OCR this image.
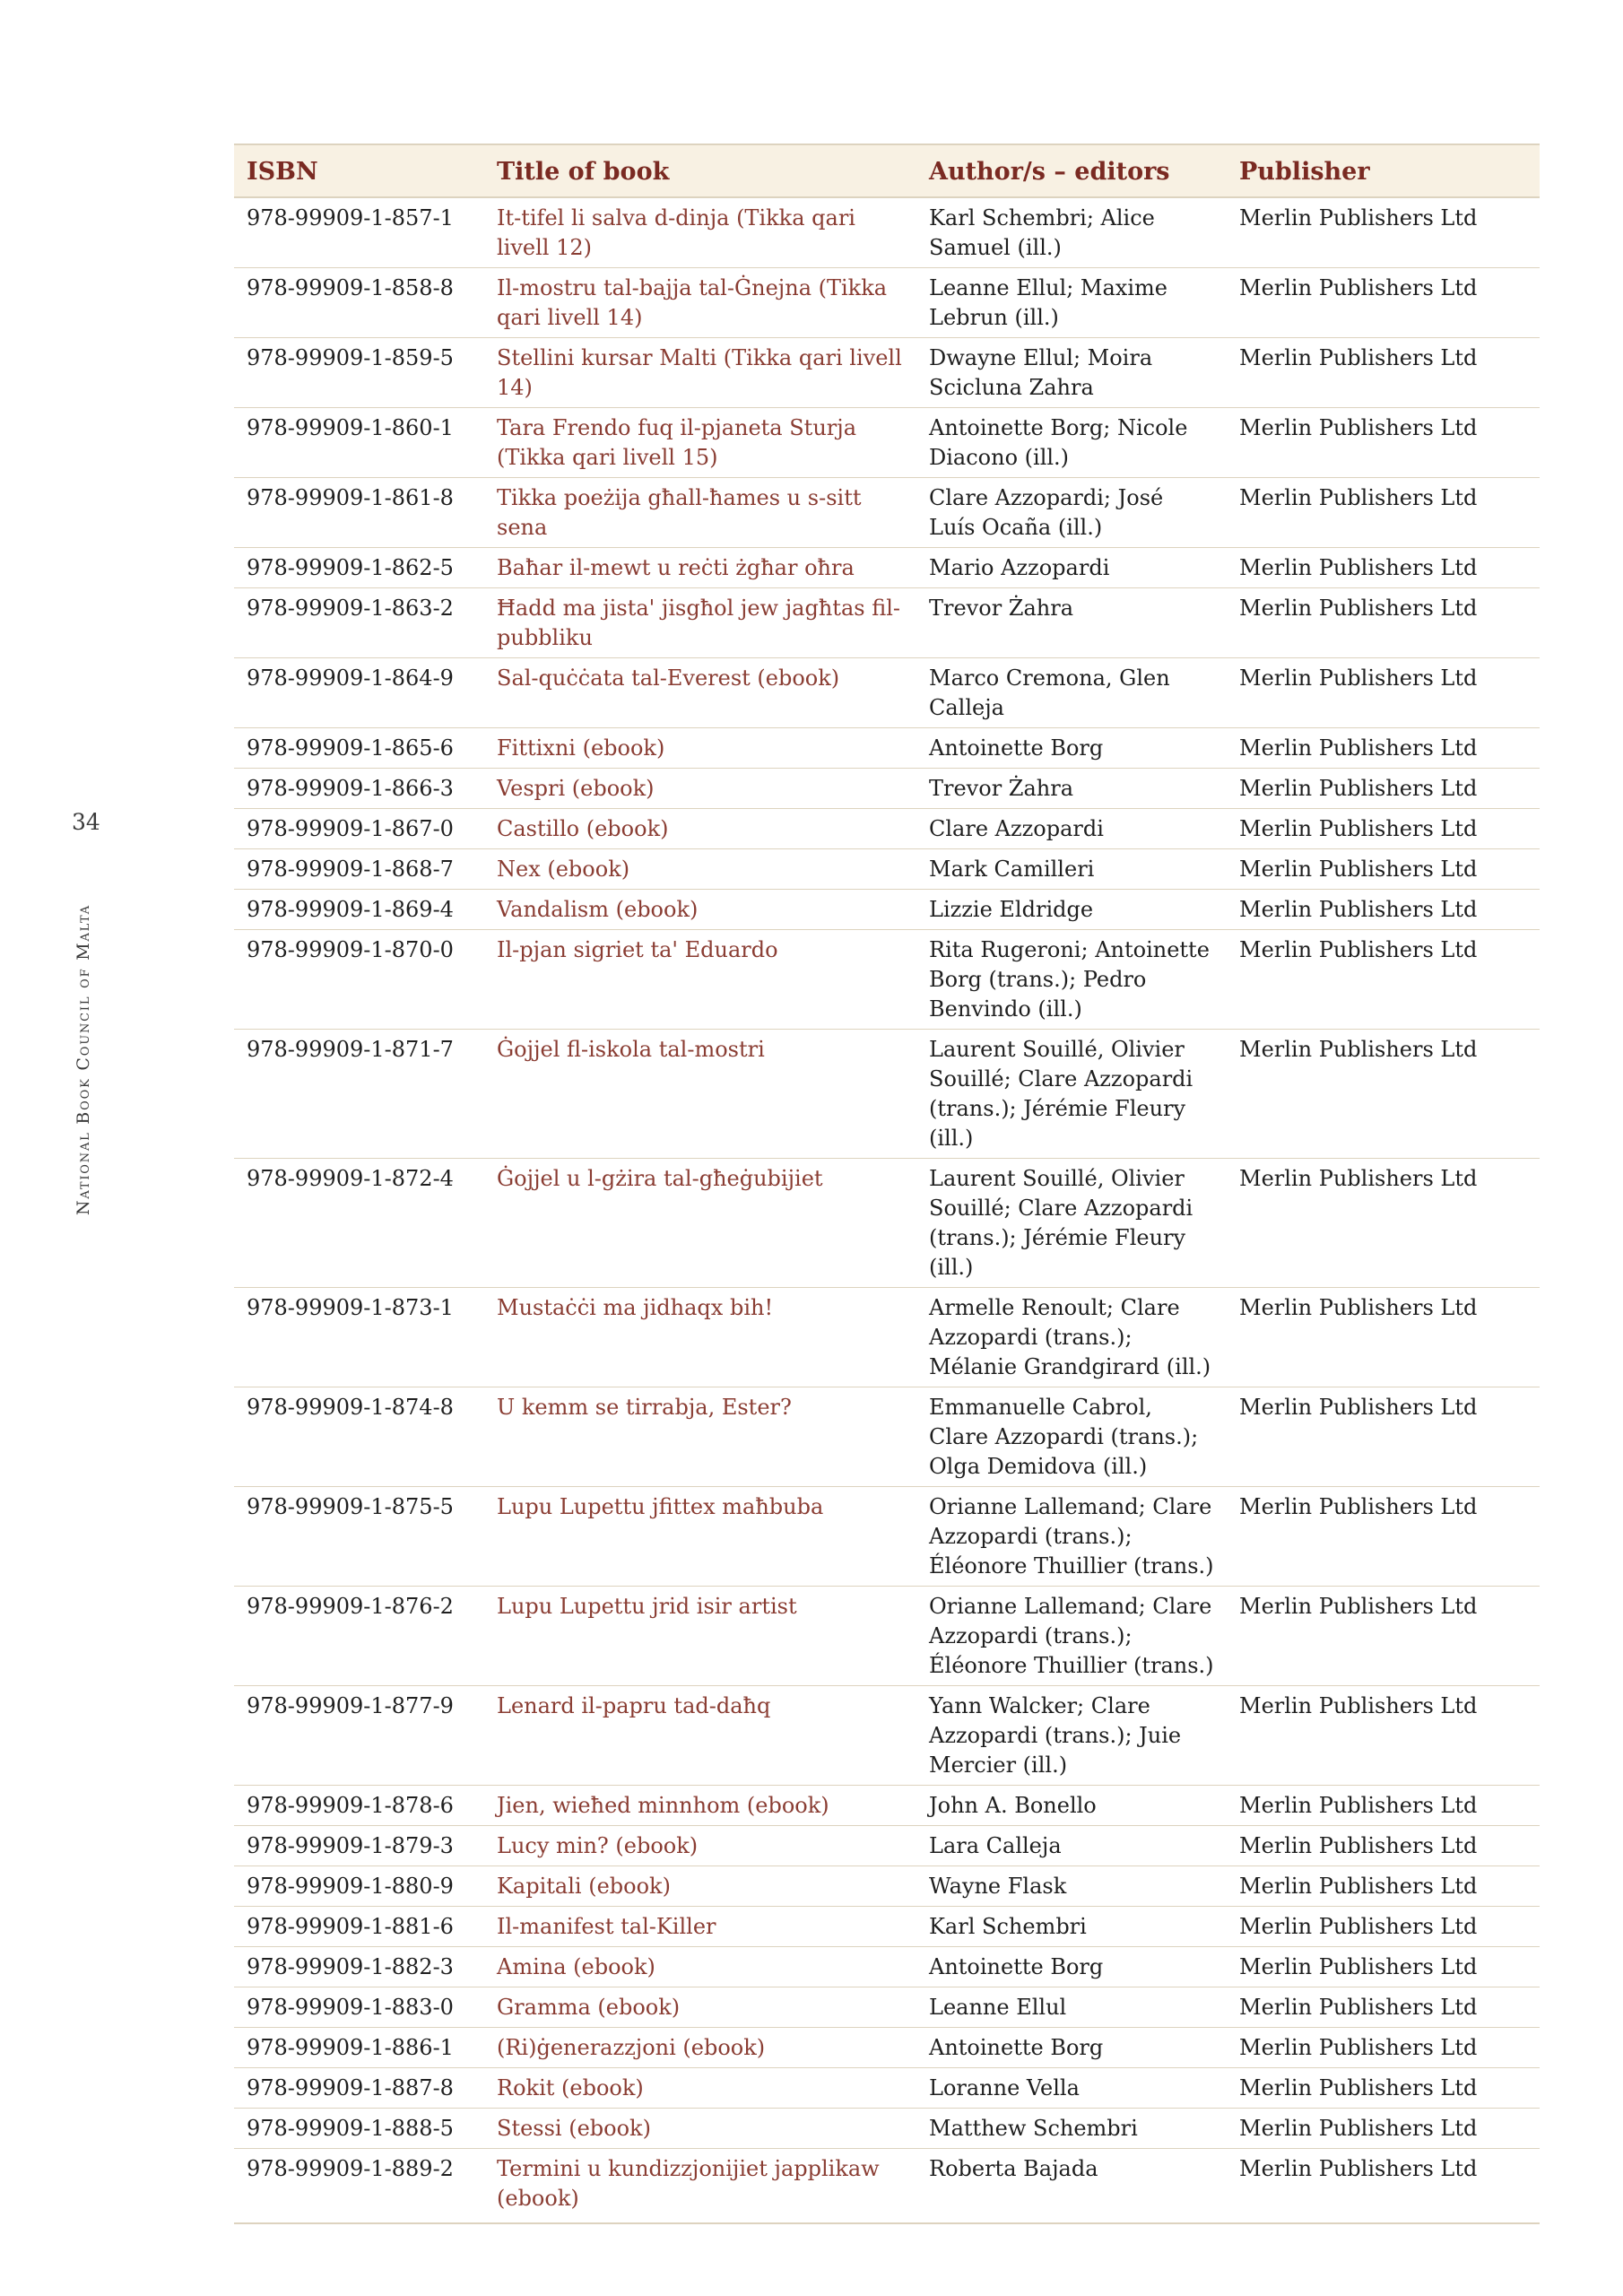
34
National Book Council of Malta
ISBN	Title of book	Author/s – editors	Publisher
978-99909-1-857-1	It-tifel li salva d-dinja (Tikka qari livell 12)	Karl Schembri; Alice Samuel (ill.)	Merlin Publishers Ltd
978-99909-1-858-8	Il-mostru tal-bajja tal-Ġnejna (Tikka qari livell 14)	Leanne Ellul; Maxime Lebrun (ill.)	Merlin Publishers Ltd
978-99909-1-859-5	Stellini kursar Malti (Tikka qari livell 14)	Dwayne Ellul; Moira Scicluna Zahra	Merlin Publishers Ltd
978-99909-1-860-1	Tara Frendo fuq il-pjaneta Sturja (Tikka qari livell 15)	Antoinette Borg; Nicole Diacono (ill.)	Merlin Publishers Ltd
978-99909-1-861-8	Tikka poeżija għall-ħames u s-sitt sena	Clare Azzopardi; José Luís Ocaña (ill.)	Merlin Publishers Ltd
978-99909-1-862-5	Baħar il-mewt u reċti żgħar oħra	Mario Azzopardi	Merlin Publishers Ltd
978-99909-1-863-2	Ħadd ma jista' jisgħol jew jagħtas fil-pubbliku	Trevor Żahra	Merlin Publishers Ltd
978-99909-1-864-9	Sal-quċċata tal-Everest (ebook)	Marco Cremona, Glen Calleja	Merlin Publishers Ltd
978-99909-1-865-6	Fittixni (ebook)	Antoinette Borg	Merlin Publishers Ltd
978-99909-1-866-3	Vespri (ebook)	Trevor Żahra	Merlin Publishers Ltd
978-99909-1-867-0	Castillo (ebook)	Clare Azzopardi	Merlin Publishers Ltd
978-99909-1-868-7	Nex (ebook)	Mark Camilleri	Merlin Publishers Ltd
978-99909-1-869-4	Vandalism (ebook)	Lizzie Eldridge	Merlin Publishers Ltd
978-99909-1-870-0	Il-pjan sigriet ta' Eduardo	Rita Rugeroni; Antoinette Borg (trans.); Pedro Benvindo (ill.)	Merlin Publishers Ltd
978-99909-1-871-7	Ġojjel fl-iskola tal-mostri	Laurent Souillé, Olivier Souillé; Clare Azzopardi (trans.); Jérémie Fleury (ill.)	Merlin Publishers Ltd
978-99909-1-872-4	Ġojjel u l-gżira tal-għeġubijiet	Laurent Souillé, Olivier Souillé; Clare Azzopardi (trans.); Jérémie Fleury (ill.)	Merlin Publishers Ltd
978-99909-1-873-1	Mustaċċi ma jidhaqx bih!	Armelle Renoult; Clare Azzopardi (trans.); Mélanie Grandgirard (ill.)	Merlin Publishers Ltd
978-99909-1-874-8	U kemm se tirrabja, Ester?	Emmanuelle Cabrol, Clare Azzopardi (trans.); Olga Demidova (ill.)	Merlin Publishers Ltd
978-99909-1-875-5	Lupu Lupettu jfittex maħbuba	Orianne Lallemand; Clare Azzopardi (trans.); Éléonore Thuillier (trans.)	Merlin Publishers Ltd
978-99909-1-876-2	Lupu Lupettu jrid isir artist	Orianne Lallemand; Clare Azzopardi (trans.); Éléonore Thuillier (trans.)	Merlin Publishers Ltd
978-99909-1-877-9	Lenard il-papru tad-daħq	Yann Walcker; Clare Azzopardi (trans.); Juie Mercier (ill.)	Merlin Publishers Ltd
978-99909-1-878-6	Jien, wieħed minnhom (ebook)	John A. Bonello	Merlin Publishers Ltd
978-99909-1-879-3	Lucy min? (ebook)	Lara Calleja	Merlin Publishers Ltd
978-99909-1-880-9	Kapitali (ebook)	Wayne Flask	Merlin Publishers Ltd
978-99909-1-881-6	Il-manifest tal-Killer	Karl Schembri	Merlin Publishers Ltd
978-99909-1-882-3	Amina (ebook)	Antoinette Borg	Merlin Publishers Ltd
978-99909-1-883-0	Gramma (ebook)	Leanne Ellul	Merlin Publishers Ltd
978-99909-1-886-1	(Ri)ġenerazzjoni (ebook)	Antoinette Borg	Merlin Publishers Ltd
978-99909-1-887-8	Rokit (ebook)	Loranne Vella	Merlin Publishers Ltd
978-99909-1-888-5	Stessi (ebook)	Matthew Schembri	Merlin Publishers Ltd
978-99909-1-889-2	Termini u kundizzjonijiet japplikaw (ebook)	Roberta Bajada	Merlin Publishers Ltd
